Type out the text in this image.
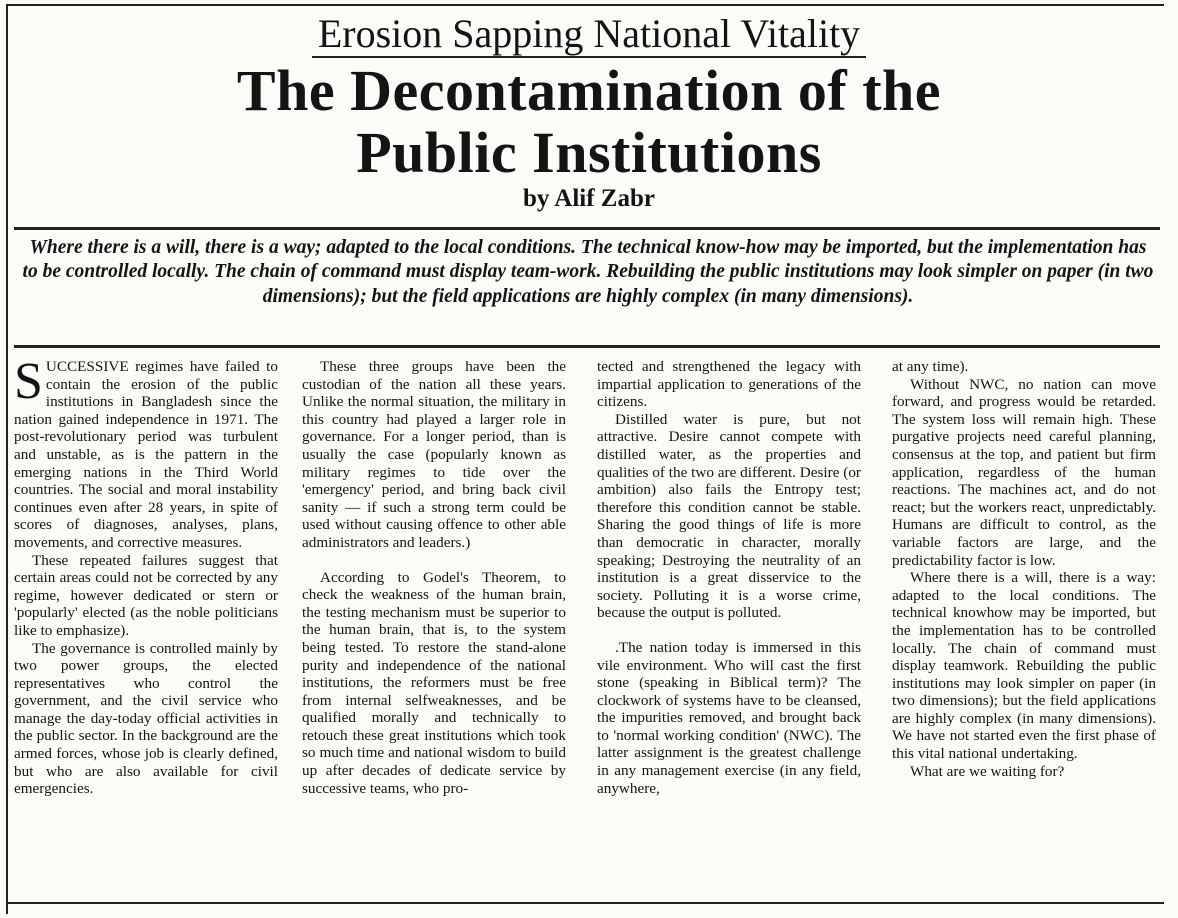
Erosion Sapping National Vitality
The Decontamination of the
Public Institutions
by Alif Zabr
Where there is a will, there is a way; adapted to the local conditions. The technical know-how may be imported, but the implementation has to be controlled locally. The chain of command must display team-work. Rebuilding the public institutions may look simpler on paper (in two dimensions); but the field applications are highly complex (in many dimensions).

SUCCESSIVE regimes have failed to contain the erosion of the public institutions in Bangladesh since the nation gained independence in 1971. The post-revolutionary period was turbulent and unstable, as is the pattern in the emerging nations in the Third World countries. The social and moral instability continues even after 28 years, in spite of scores of diagnoses, analyses, plans, movements, and corrective measures.

These repeated failures suggest that certain areas could not be corrected by any regime, however dedicated or stern or 'popularly' elected (as the noble politicians like to emphasize).

The governance is controlled mainly by two power groups, the elected representatives who control the government, and the civil service who manage the day-today official activities in the public sector. In the background are the armed forces, whose job is clearly defined, but who are also available for civil emergencies.

These three groups have been the custodian of the nation all these years. Unlike the normal situation, the military in this country had played a larger role in governance. For a longer period, than is usually the case (popularly known as military regimes to tide over the 'emergency' period, and bring back civil sanity — if such a strong term could be used without causing offence to other able administrators and leaders.)

According to Godel's Theorem, to check the weakness of the human brain, the testing mechanism must be superior to the human brain, that is, to the system being tested. To restore the stand-alone purity and independence of the national institutions, the reformers must be free from internal selfweaknesses, and be qualified morally and technically to retouch these great institutions which took so much time and national wisdom to build up after decades of dedicate service by successive teams, who pro-

tected and strengthened the legacy with impartial application to generations of the citizens.

Distilled water is pure, but not attractive. Desire cannot compete with distilled water, as the properties and qualities of the two are different. Desire (or ambition) also fails the Entropy test; therefore this condition cannot be stable. Sharing the good things of life is more than democratic in character, morally speaking; Destroying the neutrality of an institution is a great disservice to the society. Polluting it is a worse crime, because the output is polluted.

.The nation today is immersed in this vile environment. Who will cast the first stone (speaking in Biblical term)? The clockwork of systems have to be cleansed, the impurities removed, and brought back to 'normal working condition' (NWC). The latter assignment is the greatest challenge in any management exercise (in any field, anywhere,

at any time).

Without NWC, no nation can move forward, and progress would be retarded. The system loss will remain high. These purgative projects need careful planning, consensus at the top, and patient but firm application, regardless of the human reactions. The machines act, and do not react; but the workers react, unpredictably. Humans are difficult to control, as the variable factors are large, and the predictability factor is low.

Where there is a will, there is a way: adapted to the local conditions. The technical knowhow may be imported, but the implementation has to be controlled locally. The chain of command must display teamwork. Rebuilding the public institutions may look simpler on paper (in two dimensions); but the field applications are highly complex (in many dimensions). We have not started even the first phase of this vital national undertaking.

What are we waiting for?
